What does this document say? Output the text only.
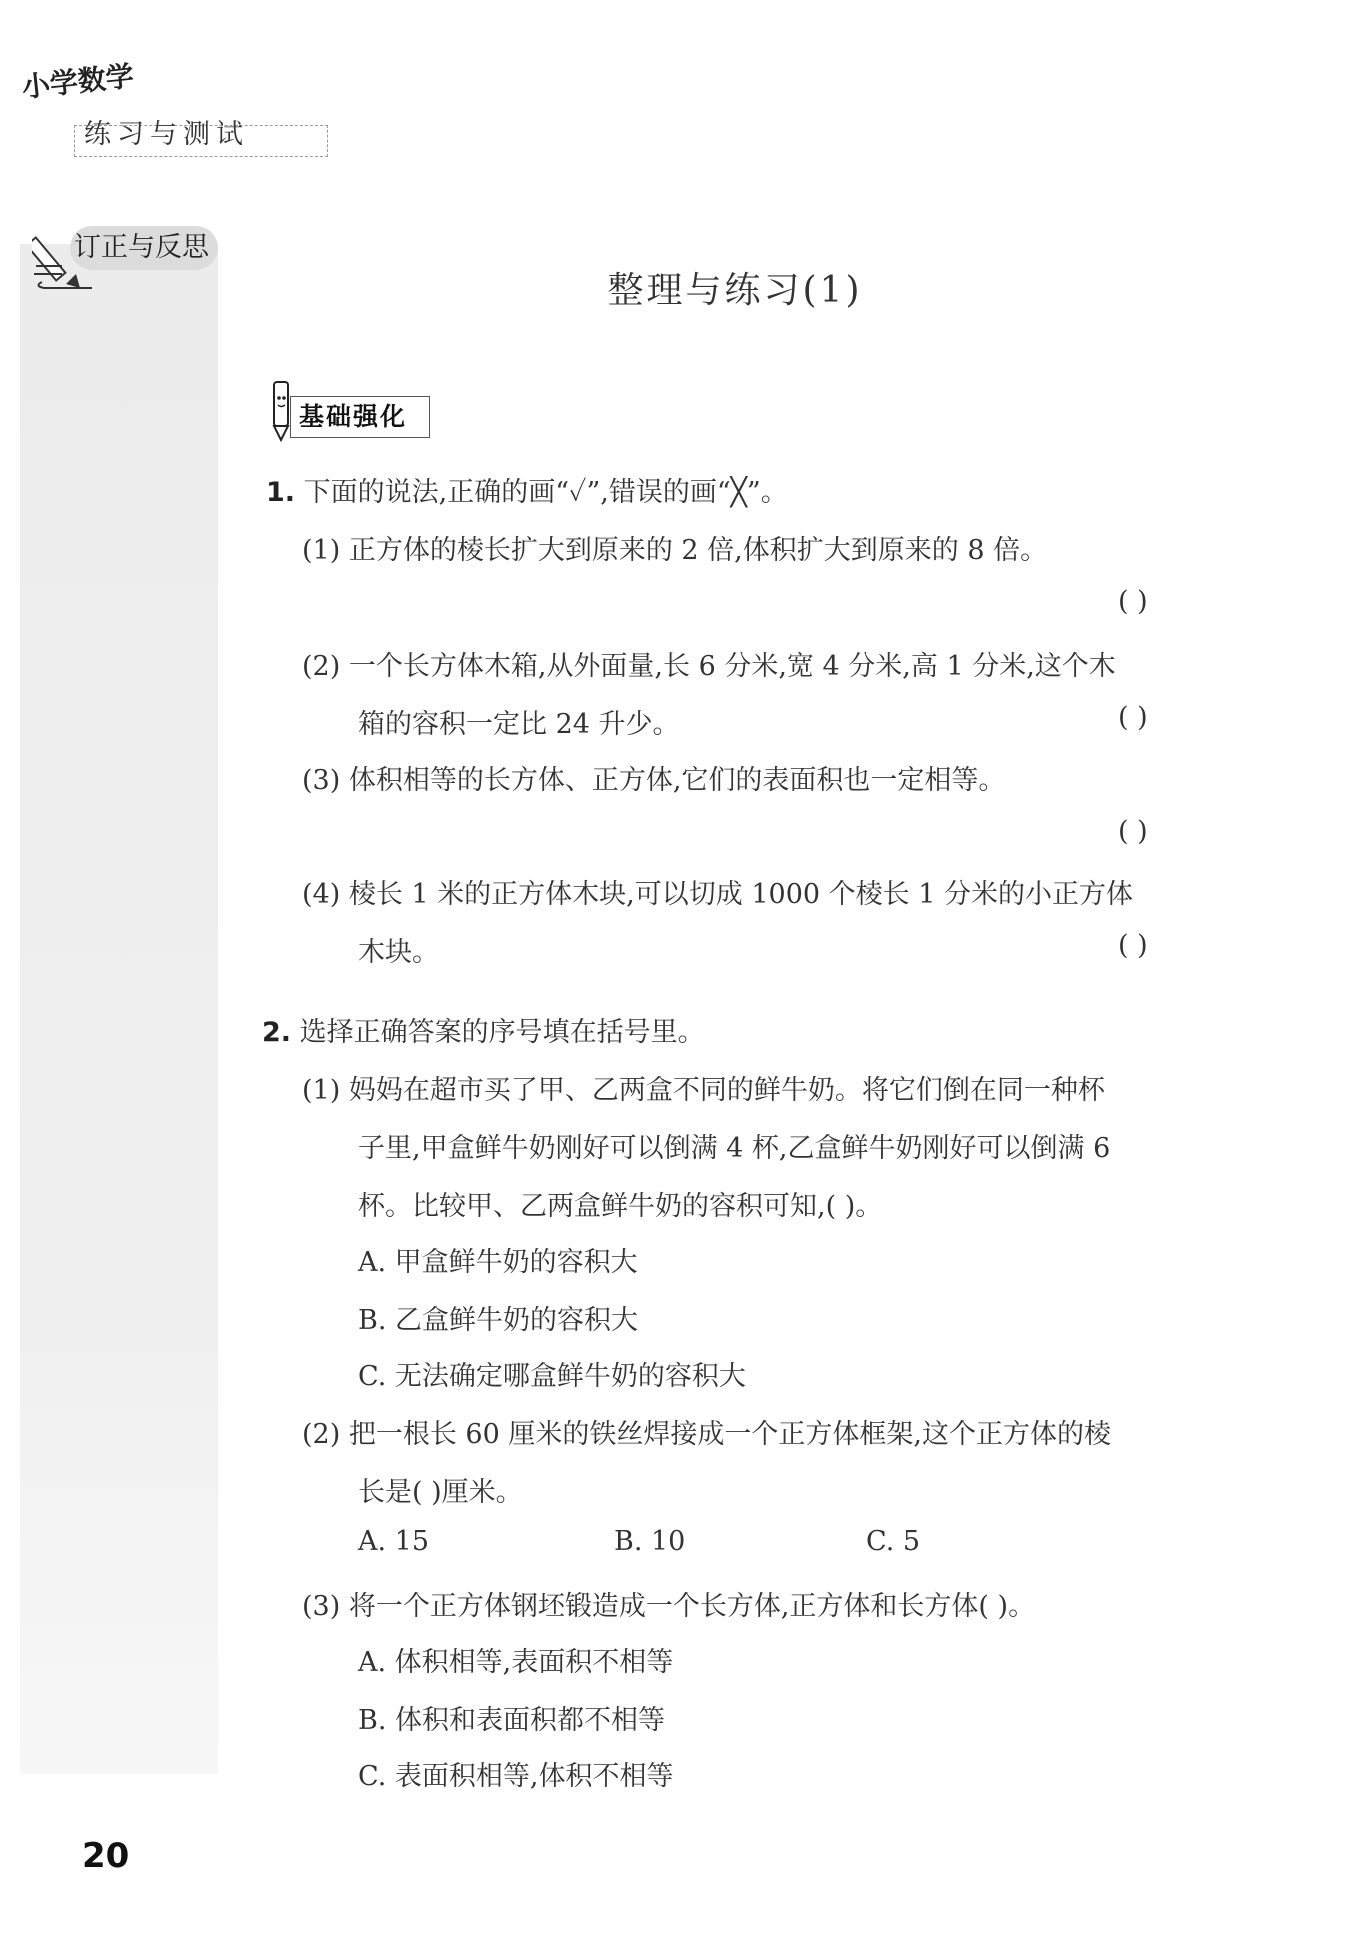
小学数学
练习与测试
订正与反思
整理与练习(1)
基础强化
1. 下面的说法,正确的画“✓”,错误的画“╳”。
(1) 正方体的棱长扩大到原来的 2 倍,体积扩大到原来的 8 倍。
( )
(2) 一个长方体木箱,从外面量,长 6 分米,宽 4 分米,高 1 分米,这个木
箱的容积一定比 24 升少。	( )
(3) 体积相等的长方体、正方体,它们的表面积也一定相等。
( )
(4) 棱长 1 米的正方体木块,可以切成 1000 个棱长 1 分米的小正方体
木块。	( )
2. 选择正确答案的序号填在括号里。
(1) 妈妈在超市买了甲、乙两盒不同的鲜牛奶。将它们倒在同一种杯
子里,甲盒鲜牛奶刚好可以倒满 4 杯,乙盒鲜牛奶刚好可以倒满 6
杯。比较甲、乙两盒鲜牛奶的容积可知,( )。
A. 甲盒鲜牛奶的容积大
B. 乙盒鲜牛奶的容积大
C. 无法确定哪盒鲜牛奶的容积大
(2) 把一根长 60 厘米的铁丝焊接成一个正方体框架,这个正方体的棱
长是( )厘米。
A. 15	B. 10	C. 5
(3) 将一个正方体钢坯锻造成一个长方体,正方体和长方体( )。
A. 体积相等,表面积不相等
B. 体积和表面积都不相等
C. 表面积相等,体积不相等
20
